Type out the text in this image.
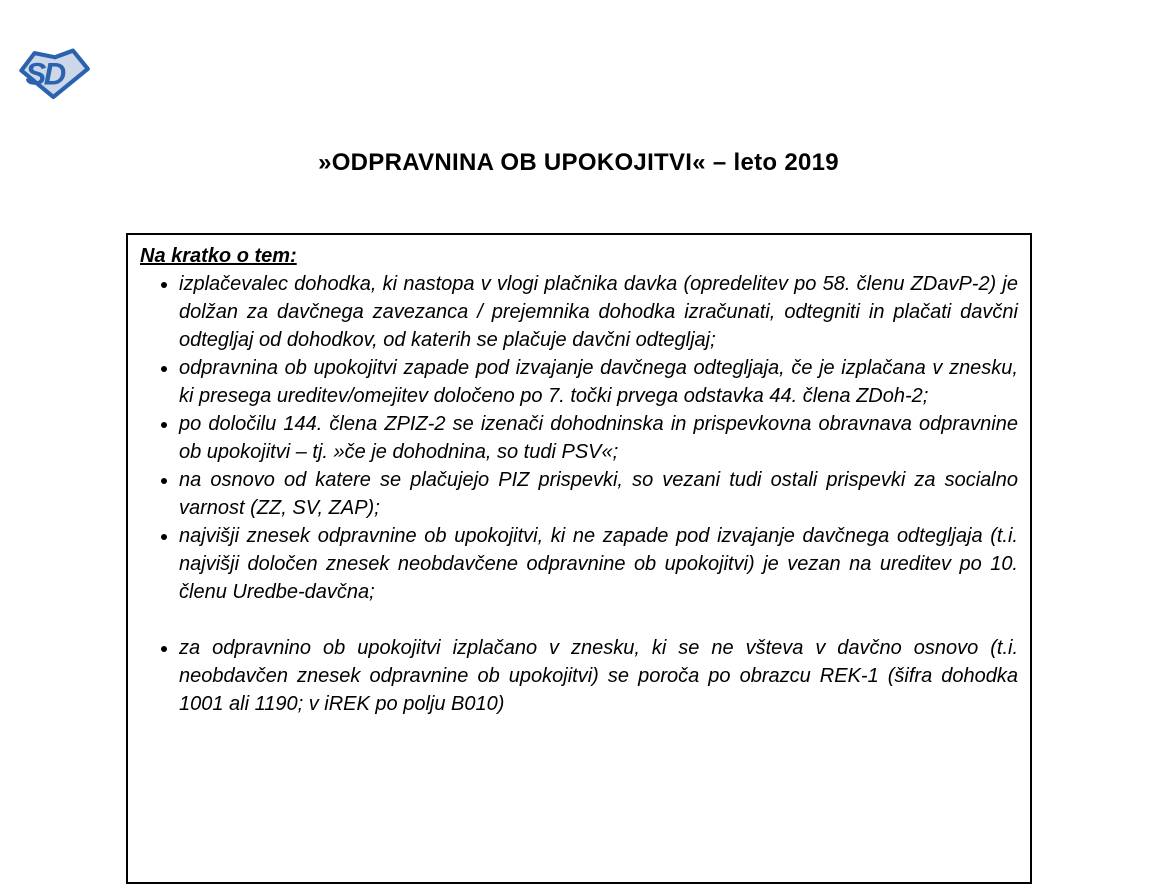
SD
»ODPRAVNINA OB UPOKOJITVI« – leto 2019
Na kratko o tem:
• izplačevalec dohodka, ki nastopa v vlogi plačnika davka (opredelitev po 58. členu ZDavP-2) je dolžan za davčnega zavezanca / prejemnika dohodka izračunati, odtegniti in plačati davčni odtegljaj od dohodkov, od katerih se plačuje davčni odtegljaj;
• odpravnina ob upokojitvi zapade pod izvajanje davčnega odtegljaja, če je izplačana v znesku, ki presega ureditev/omejitev določeno po 7. točki prvega odstavka 44. člena ZDoh-2;
• po določilu 144. člena ZPIZ-2 se izenači dohodninska in prispevkovna obravnava odpravnine ob upokojitvi – tj. »če je dohodnina, so tudi PSV«;
• na osnovo od katere se plačujejo PIZ prispevki, so vezani tudi ostali prispevki za socialno varnost (ZZ, SV, ZAP);
• najvišji znesek odpravnine ob upokojitvi, ki ne zapade pod izvajanje davčnega odtegljaja (t.i. najvišji določen znesek neobdavčene odpravnine ob upokojitvi) je vezan na ureditev po 10. členu Uredbe-davčna;
• za odpravnino ob upokojitvi izplačano v znesku, ki se ne všteva v davčno osnovo (t.i. neobdavčen znesek odpravnine ob upokojitvi) se poroča po obrazcu REK-1 (šifra dohodka 1001 ali 1190; v iREK po polju B010)
